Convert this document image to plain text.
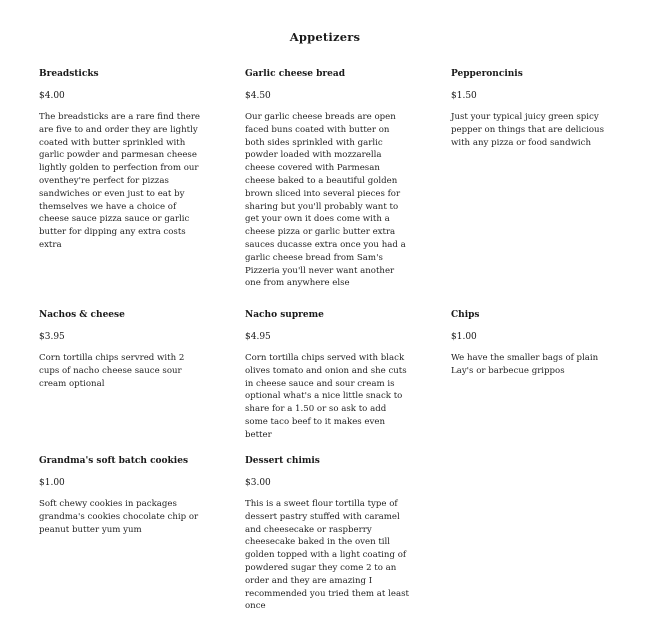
Appetizers
Breadsticks
$4.00

The breadsticks are a rare find there are five to and order they are lightly coated with butter sprinkled with garlic powder and parmesan cheese lightly golden to perfection from our oventhey're perfect for pizzas sandwiches or even just to eat by themselves we have a choice of cheese sauce pizza sauce or garlic butter for dipping any extra costs extra

Garlic cheese bread
$4.50

Our garlic cheese breads are open faced buns coated with butter on both sides sprinkled with garlic powder loaded with mozzarella cheese covered with Parmesan cheese baked to a beautiful golden brown sliced into several pieces for sharing but you'll probably want to get your own it does come with a cheese pizza or garlic butter extra sauces ducasse extra once you had a garlic cheese bread from Sam's Pizzeria you'll never want another one from anywhere else

Pepperoncinis
$1.50

Just your typical juicy green spicy pepper on things that are delicious with any pizza or food sandwich

Nachos & cheese
$3.95

Corn tortilla chips servred with 2 cups of nacho cheese sauce sour cream optional

Nacho supreme
$4.95

Corn tortilla chips served with black olives tomato and onion and she cuts in cheese sauce and sour cream is optional what's a nice little snack to share for a 1.50 or so ask to add some taco beef to it makes even better

Chips
$1.00

We have the smaller bags of plain Lay's or barbecue grippos

Grandma's soft batch cookies
$1.00

Soft chewy cookies in packages grandma's cookies chocolate chip or peanut butter yum yum

Dessert chimis
$3.00

This is a sweet flour tortilla type of dessert pastry stuffed with caramel and cheesecake or raspberry cheesecake baked in the oven till golden topped with a light coating of powdered sugar they come 2 to an order and they are amazing I recommended you tried them at least once
